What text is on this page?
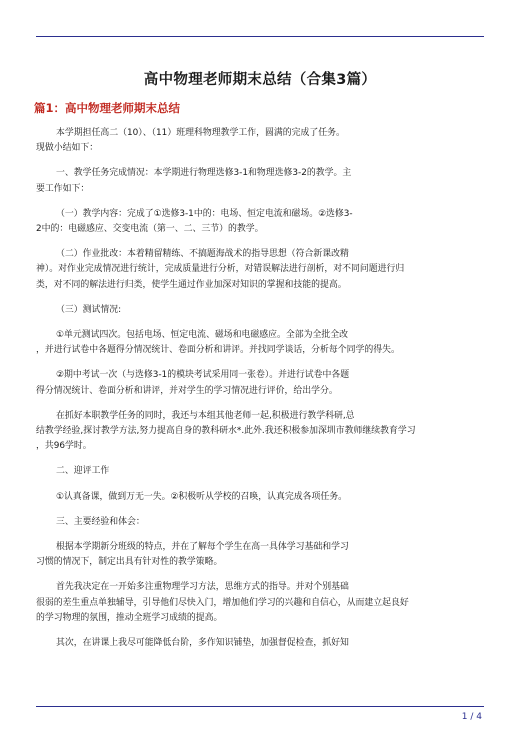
高中物理老师期末总结（合集3篇）
篇1：高中物理老师期末总结
本学期担任高二（10）、（11）班理科物理教学工作，圆满的完成了任务。
现做小结如下：
一、教学任务完成情况：本学期进行物理选修3-1和物理选修3-2的教学。主
要工作如下：
（一）教学内容：完成了①选修3-1中的：电场、恒定电流和磁场。②选修3-
2中的：电磁感应、交变电流（第一、二、三节）的教学。
（二）作业批改：本着精留精练、不搞题海战术的指导思想（符合新课改精
神）。对作业完成情况进行统计，完成质量进行分析，对错误解法进行剖析，对不同问题进行归
类，对不同的解法进行归类，使学生通过作业加深对知识的掌握和技能的提高。
（三）测试情况:
①单元测试四次。包括电场、恒定电流、磁场和电磁感应。全部为全批全改
，并进行试卷中各题得分情况统计、卷面分析和讲评。并找同学谈话，分析每个同学的得失。
②期中考试一次（与选修3-1的模块考试采用同一张卷）。并进行试卷中各题
得分情况统计、卷面分析和讲评，并对学生的学习情况进行评价，给出学分。
在抓好本职教学任务的同时，我还与本组其他老师一起,积极进行教学科研,总
结教学经验,探讨教学方法,努力提高自身的教科研水*.此外.我还积极参加深圳市教师继续教育学习
，共96学时。
二、迎评工作
①认真备课，做到万无一失。②积极听从学校的召唤，认真完成各项任务。
三、主要经验和体会：
根据本学期新分班级的特点，并在了解每个学生在高一具体学习基础和学习
习惯的情况下，制定出具有针对性的教学策略。
首先我决定在一开始多注重物理学习方法，思维方式的指导。并对个别基础
很弱的差生重点单独辅导，引导他们尽快入门，增加他们学习的兴趣和自信心，从而建立起良好
的学习物理的氛围，推动全班学习成绩的提高。
其次，在讲课上我尽可能降低台阶，多作知识铺垫，加强督促检查，抓好知
1 / 4
